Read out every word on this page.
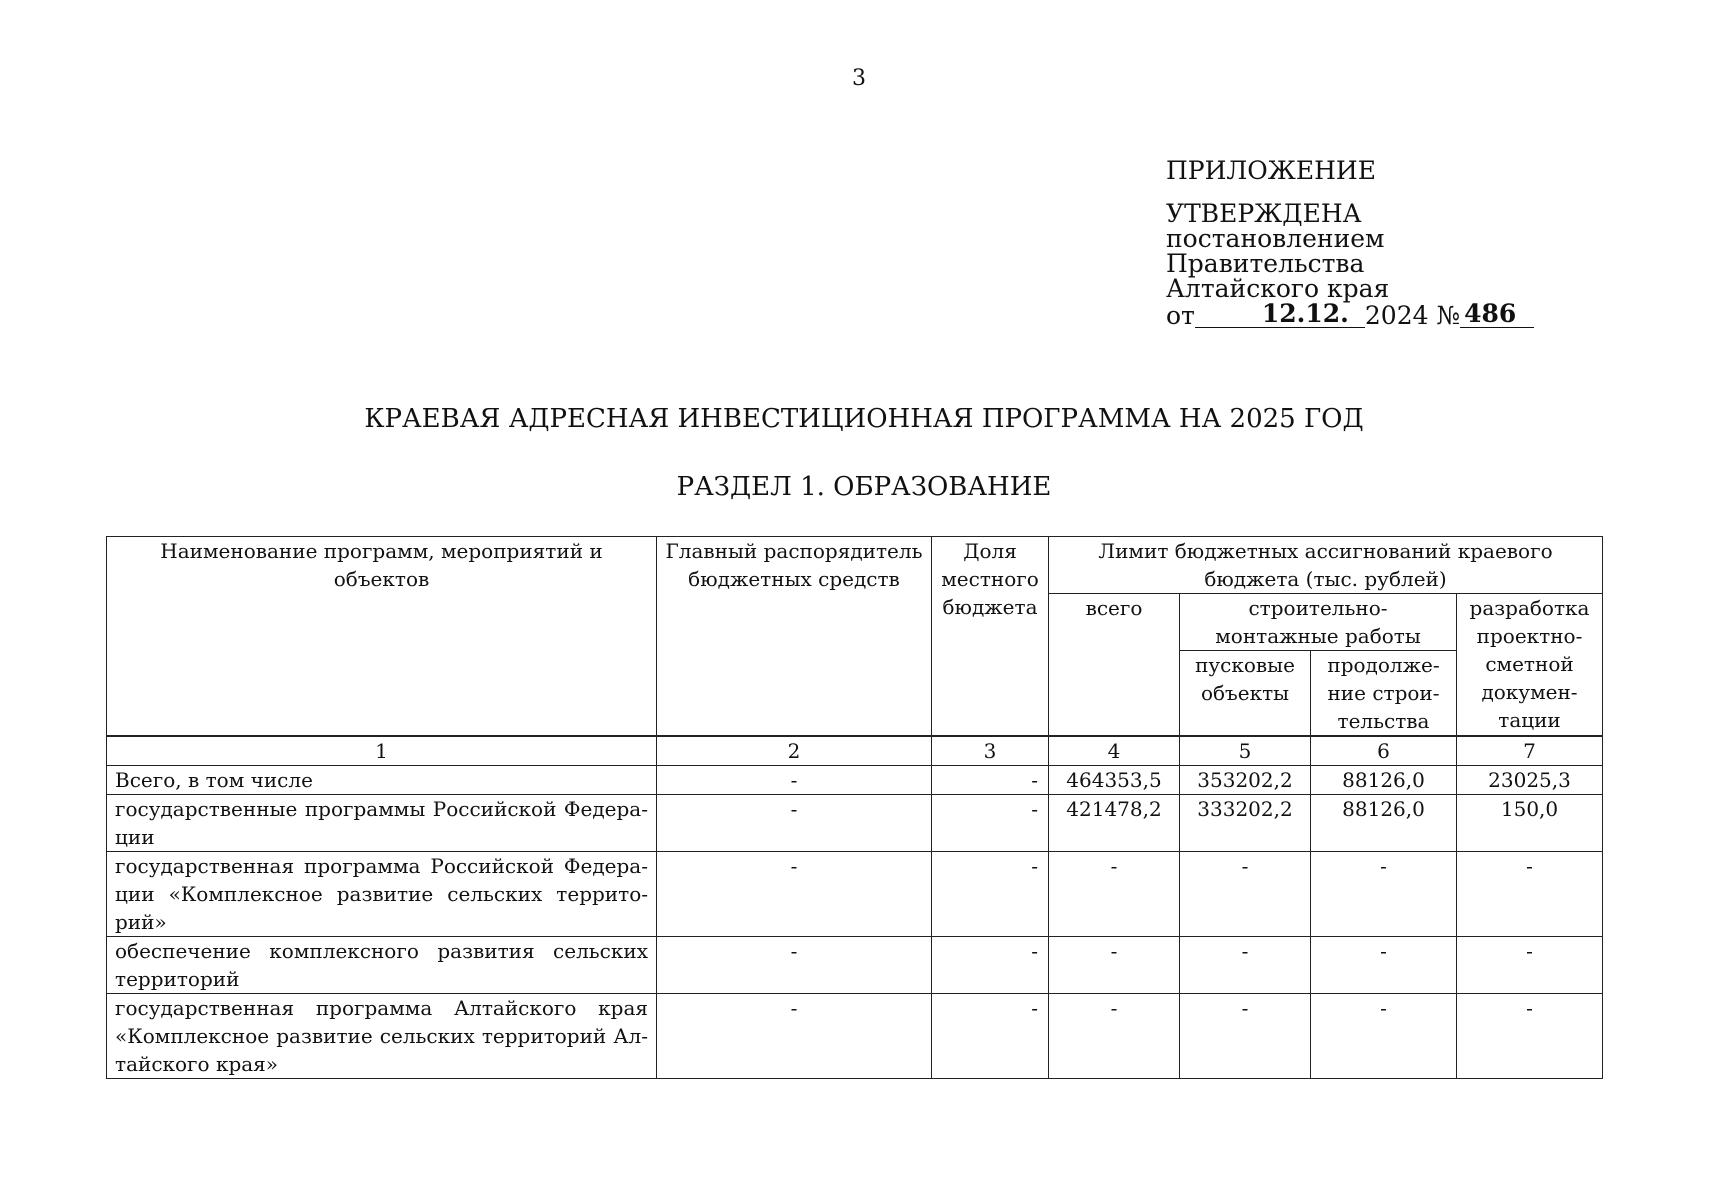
3
ПРИЛОЖЕНИЕ
УТВЕРЖДЕНА
постановлением Правительства
Алтайского края
от	12.12. 2024 № 486
КРАЕВАЯ АДРЕСНАЯ ИНВЕСТИЦИОННАЯ ПРОГРАММА НА 2025 ГОД
РАЗДЕЛ 1. ОБРАЗОВАНИЕ
Наименование программ, мероприятий и объектов	Главный распорядитель бюджетных средств	Доля местного бюджета	Лимит бюджетных ассигнований краевого бюджета (тыс. рублей)			
			всего	строительно-монтажные работы		разработка проектно-сметной докумен-тации
				пусковые объекты	продолже-ние строи-тельства	
1	2	3	4	5	6	7
Всего, в том числе	-	-	464353,5	353202,2	88126,0	23025,3
государственные программы Российской Федера-ции	-	-	421478,2	333202,2	88126,0	150,0
государственная программа Российской Федера-ции «Комплексное развитие сельских террито-рий»	-	-	-	-	-	-
обеспечение комплексного развития сельских территорий	-	-	-	-	-	-
государственная программа Алтайского края «Комплексное развитие сельских территорий Ал-тайского края»	-	-	-	-	-	-
